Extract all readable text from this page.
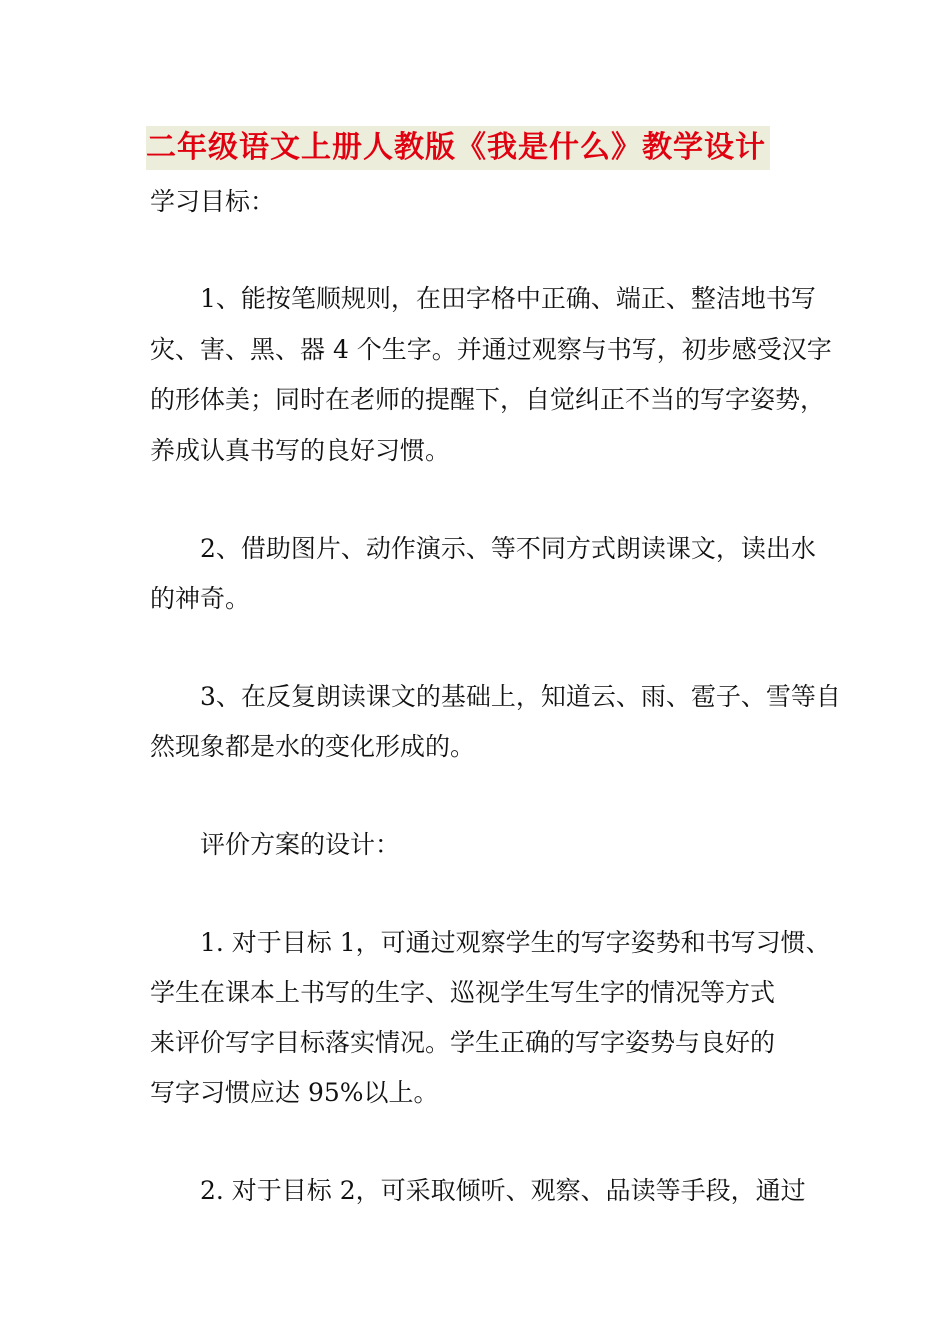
二年级语文上册人教版《我是什么》教学设计
学习目标：
1、能按笔顺规则，在田字格中正确、端正、整洁地书写
灾、害、黑、器 4 个生字。并通过观察与书写，初步感受汉字
的形体美；同时在老师的提醒下，自觉纠正不当的写字姿势，
养成认真书写的良好习惯。
2、借助图片、动作演示、等不同方式朗读课文，读出水
的神奇。
3、在反复朗读课文的基础上，知道云、雨、雹子、雪等自
然现象都是水的变化形成的。
评价方案的设计：
1. 对于目标 1，可通过观察学生的写字姿势和书写习惯、
学生在课本上书写的生字、巡视学生写生字的情况等方式
来评价写字目标落实情况。学生正确的写字姿势与良好的
写字习惯应达 95%以上。
2. 对于目标 2，可采取倾听、观察、品读等手段，通过
